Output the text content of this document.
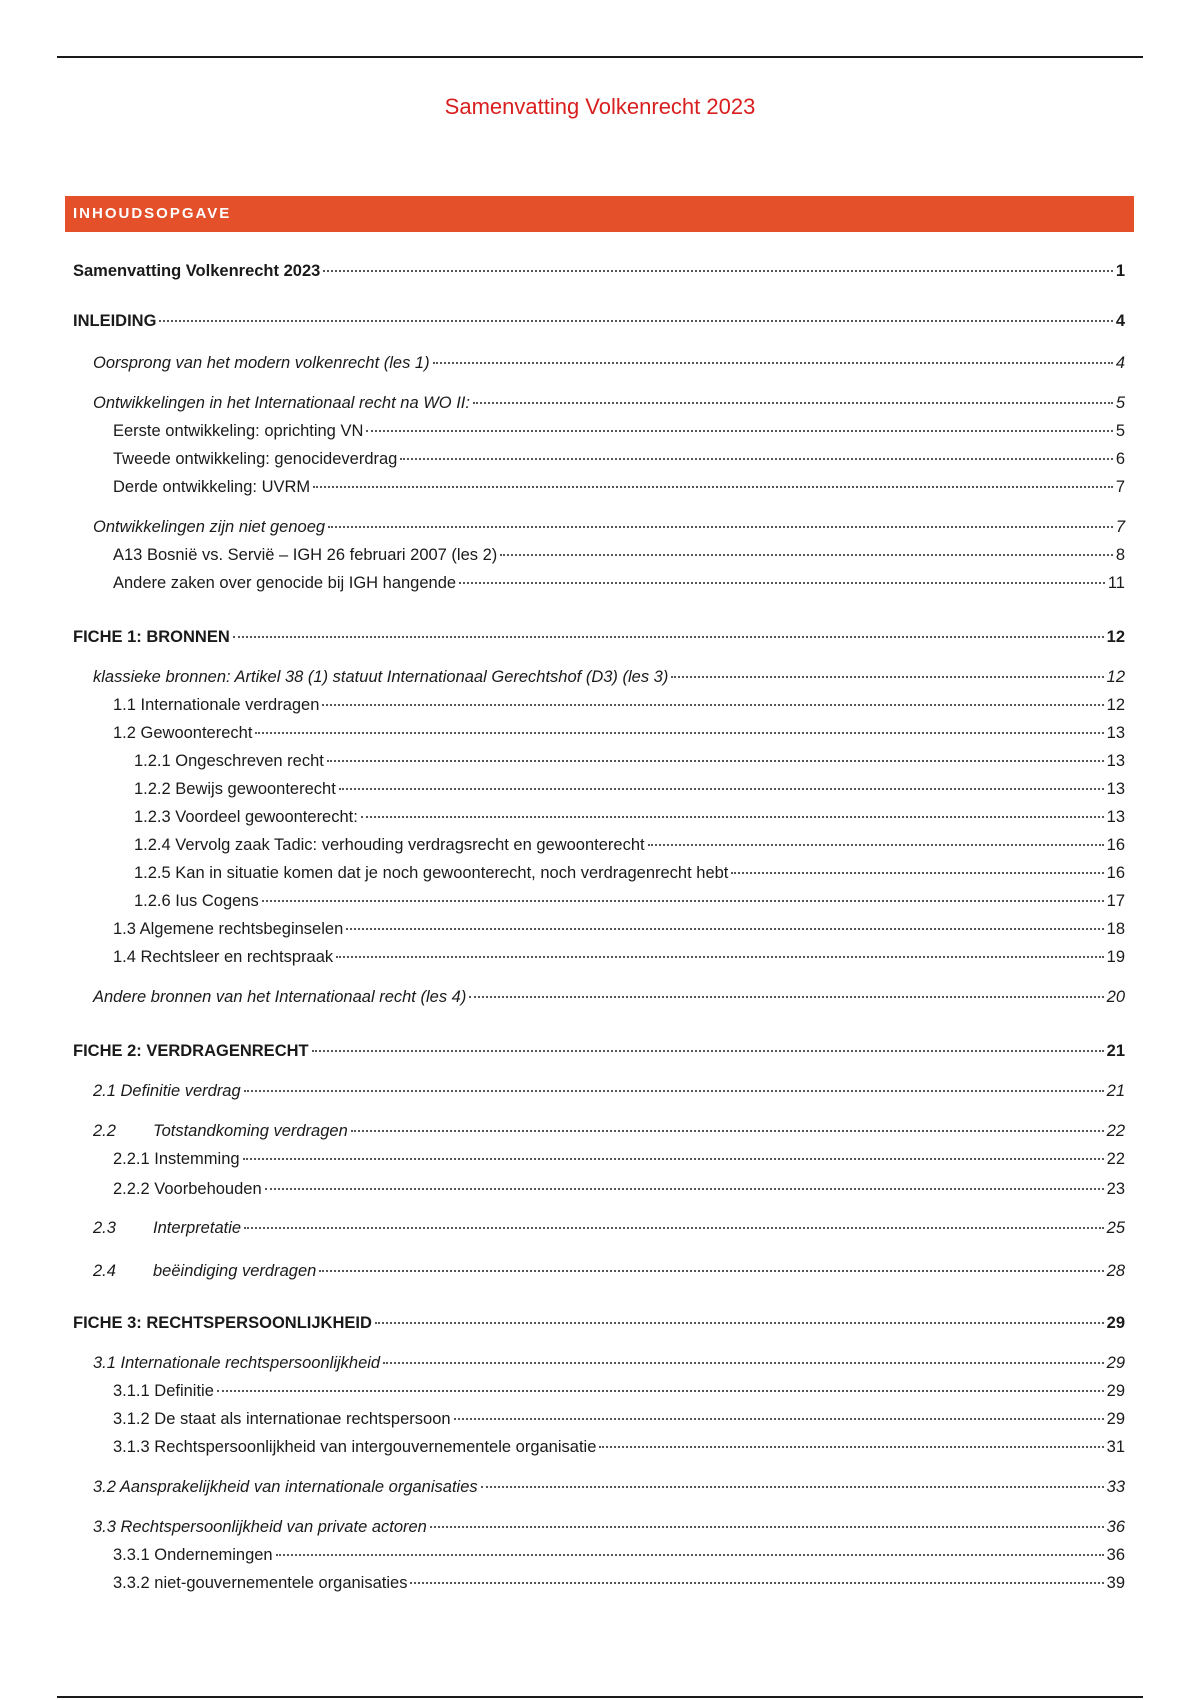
Samenvatting Volkenrecht 2023
INHOUDSOPGAVE
Samenvatting Volkenrecht 2023	1
INLEIDING	4
Oorsprong van het modern volkenrecht (les 1)	4
Ontwikkelingen in het Internationaal recht na WO II:	5
Eerste ontwikkeling: oprichting VN	5
Tweede ontwikkeling: genocideverdrag	6
Derde ontwikkeling: UVRM	7
Ontwikkelingen zijn niet genoeg	7
A13 Bosnië vs. Servië – IGH 26 februari 2007 (les 2)	8
Andere zaken over genocide bij IGH hangende	11
FICHE 1: BRONNEN	12
klassieke bronnen: Artikel 38 (1) statuut Internationaal Gerechtshof (D3) (les 3)	12
1.1 Internationale verdragen	12
1.2 Gewoonterecht	13
1.2.1 Ongeschreven recht	13
1.2.2 Bewijs gewoonterecht	13
1.2.3 Voordeel gewoonterecht:	13
1.2.4 Vervolg zaak Tadic: verhouding verdragsrecht en gewoonterecht	16
1.2.5 Kan in situatie komen dat je noch gewoonterecht, noch verdragenrecht hebt	16
1.2.6 Ius Cogens	17
1.3 Algemene rechtsbeginselen	18
1.4 Rechtsleer en rechtspraak	19
Andere bronnen van het Internationaal recht (les 4)	20
FICHE 2: VERDRAGENRECHT	21
2.1 Definitie verdrag	21
2.2 Totstandkoming verdragen	22
2.2.1 Instemming	22
2.2.2 Voorbehouden	23
2.3 Interpretatie	25
2.4 beëindiging verdragen	28
FICHE 3: RECHTSPERSOONLIJKHEID	29
3.1 Internationale rechtspersoonlijkheid	29
3.1.1 Definitie	29
3.1.2 De staat als internationae rechtspersoon	29
3.1.3 Rechtspersoonlijkheid van intergouvernementele organisatie	31
3.2 Aansprakelijkheid van internationale organisaties	33
3.3 Rechtspersoonlijkheid van private actoren	36
3.3.1 Ondernemingen	36
3.3.2 niet-gouvernementele organisaties	39
